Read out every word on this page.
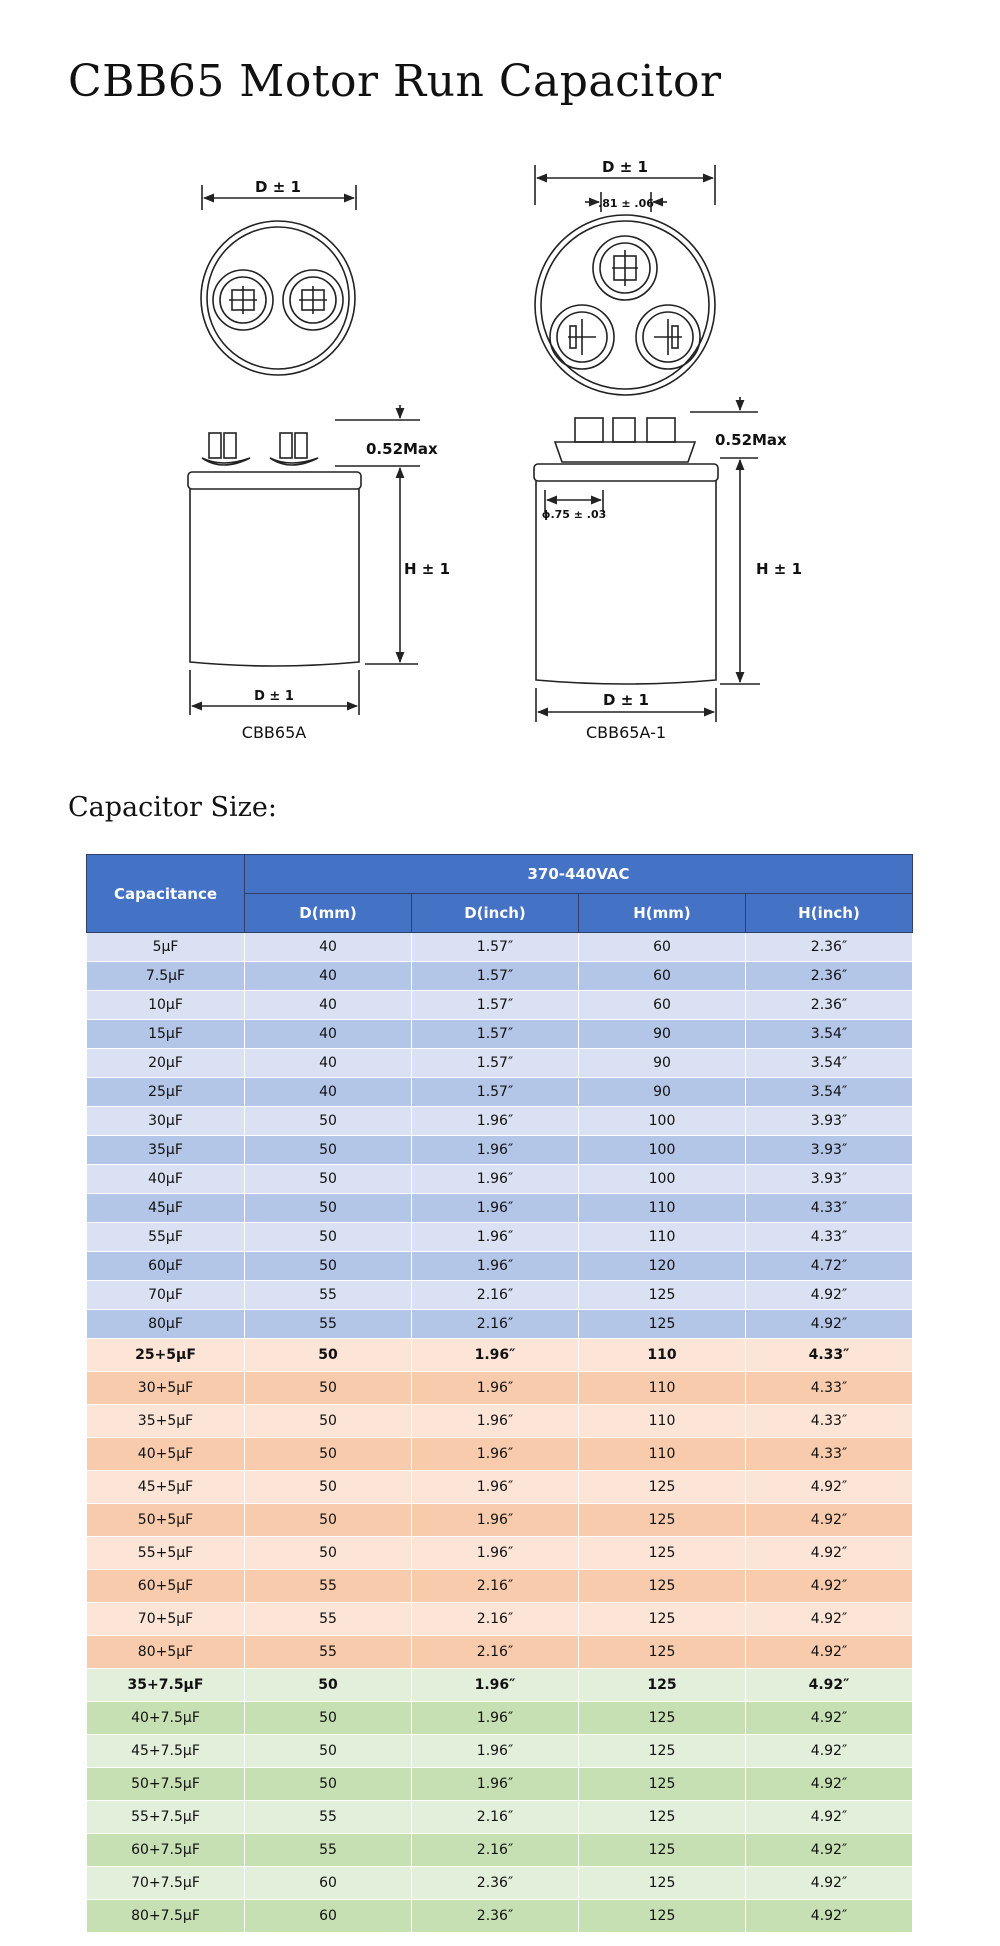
CBB65 Motor Run Capacitor
D ± 1
D ± 1
.81 ± .06
0.52Max	0.52Max
H ± 1	H ± 1
D ± 1	D ± 1
ϕ.75 ± .03
CBB65A	CBB65A-1
Capacitor Size:
Capacitance	370-440VAC			
	D(mm)	D(inch)	H(mm)	H(inch)
5μF	40	1.57″	60	2.36″
7.5μF	40	1.57″	60	2.36″
10μF	40	1.57″	60	2.36″
15μF	40	1.57″	90	3.54″
20μF	40	1.57″	90	3.54″
25μF	40	1.57″	90	3.54″
30μF	50	1.96″	100	3.93″
35μF	50	1.96″	100	3.93″
40μF	50	1.96″	100	3.93″
45μF	50	1.96″	110	4.33″
55μF	50	1.96″	110	4.33″
60μF	50	1.96″	120	4.72″
70μF	55	2.16″	125	4.92″
80μF	55	2.16″	125	4.92″
25+5μF	50	1.96″	110	4.33″
30+5μF	50	1.96″	110	4.33″
35+5μF	50	1.96″	110	4.33″
40+5μF	50	1.96″	110	4.33″
45+5μF	50	1.96″	125	4.92″
50+5μF	50	1.96″	125	4.92″
55+5μF	50	1.96″	125	4.92″
60+5μF	55	2.16″	125	4.92″
70+5μF	55	2.16″	125	4.92″
80+5μF	55	2.16″	125	4.92″
35+7.5μF	50	1.96″	125	4.92″
40+7.5μF	50	1.96″	125	4.92″
45+7.5μF	50	1.96″	125	4.92″
50+7.5μF	50	1.96″	125	4.92″
55+7.5μF	55	2.16″	125	4.92″
60+7.5μF	55	2.16″	125	4.92″
70+7.5μF	60	2.36″	125	4.92″
80+7.5μF	60	2.36″	125	4.92″
